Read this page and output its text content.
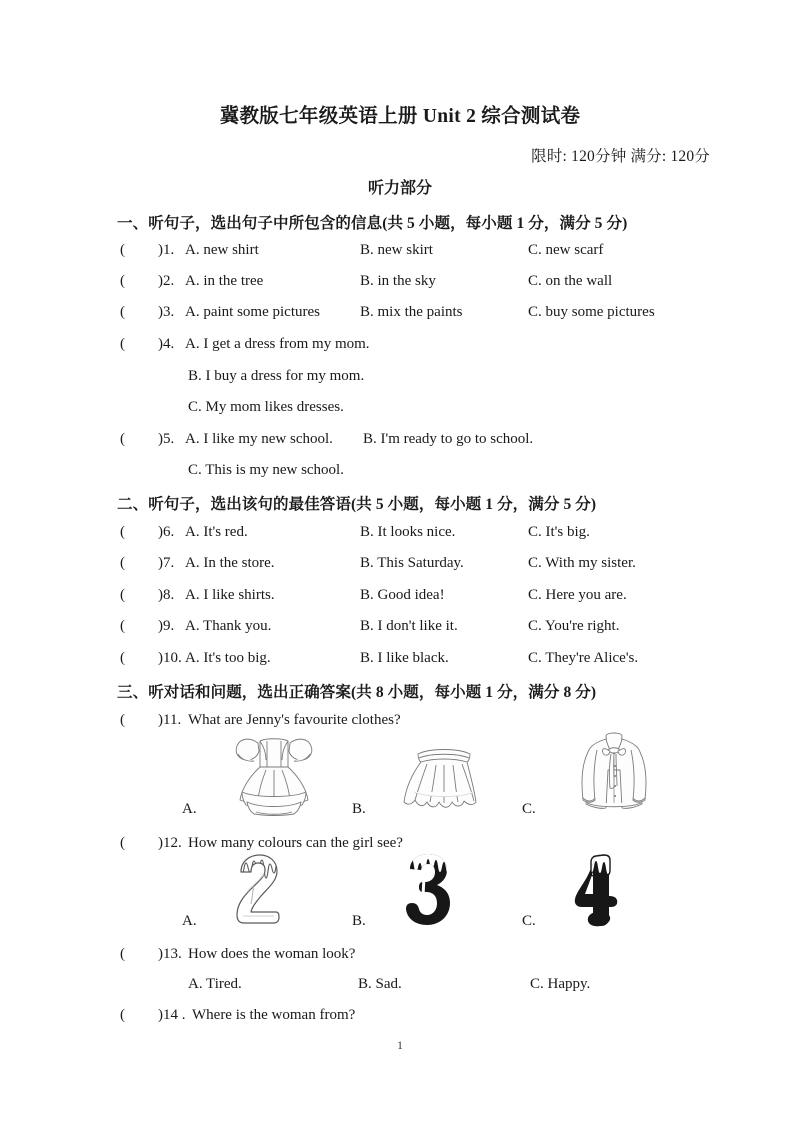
冀教版七年级英语上册 Unit 2 综合测试卷
限时: 120分钟 满分: 120分
听力部分
一、听句子，选出句子中所包含的信息(共 5 小题，每小题 1 分，满分 5 分)
( )1. A. new shirt	B. new skirt	C. new scarf
( )2. A. in the tree	B. in the sky	C. on the wall
( )3. A. paint some pictures	B. mix the paints	C. buy some pictures
( )4. A. I get a dress from my mom.
B. I buy a dress for my mom.
C. My mom likes dresses.
( )5. A. I like my new school. B. I'm ready to go to school.
C. This is my new school.
二、听句子，选出该句的最佳答语(共 5 小题，每小题 1 分，满分 5 分)
( )6. A. It's red.	B. It looks nice.	C. It's big.
( )7. A. In the store.	B. This Saturday.	C. With my sister.
( )8. A. I like shirts.	B. Good idea!	C. Here you are.
( )9. A. Thank you.	B. I don't like it.	C. You're right.
( )10. A. It's too big.	B. I like black.	C. They're Alice's.
三、听对话和问题，选出正确答案(共 8 小题，每小题 1 分，满分 8 分)
( )11. What are Jenny's favourite clothes?
A.	B.	C.
( )12. How many colours can the girl see?
A.	B.	C.
( )13. How does the woman look?
A. Tired.	B. Sad.	C. Happy.
( )14 . Where is the woman from?
1
